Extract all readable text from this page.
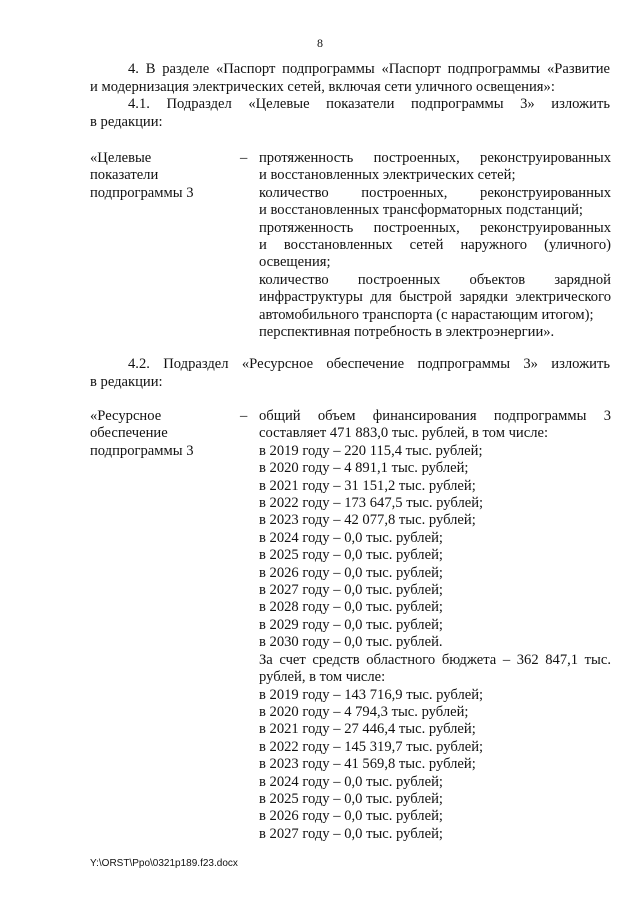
8
4. В разделе «Паспорт подпрограммы «Паспорт подпрограммы «Развитие
и модернизация электрических сетей, включая сети уличного освещения»:
4.1. Подраздел «Целевые показатели подпрограммы 3» изложить
в редакции:
«Целевые
показатели
подпрограммы 3
– протяженность построенных, реконструированных
и восстановленных электрических сетей;
количество построенных, реконструированных
и восстановленных трансформаторных подстанций;
протяженность построенных, реконструированных
и восстановленных сетей наружного (уличного)
освещения;
количество построенных объектов зарядной
инфраструктуры для быстрой зарядки электрического
автомобильного транспорта (с нарастающим итогом);
перспективная потребность в электроэнергии».
4.2. Подраздел «Ресурсное обеспечение подпрограммы 3» изложить
в редакции:
«Ресурсное
обеспечение
подпрограммы 3
– общий объем финансирования подпрограммы 3
составляет 471 883,0 тыс. рублей, в том числе:
в 2019 году – 220 115,4 тыс. рублей;
в 2020 году – 4 891,1 тыс. рублей;
в 2021 году – 31 151,2 тыс. рублей;
в 2022 году – 173 647,5 тыс. рублей;
в 2023 году – 42 077,8 тыс. рублей;
в 2024 году – 0,0 тыс. рублей;
в 2025 году – 0,0 тыс. рублей;
в 2026 году – 0,0 тыс. рублей;
в 2027 году – 0,0 тыс. рублей;
в 2028 году – 0,0 тыс. рублей;
в 2029 году – 0,0 тыс. рублей;
в 2030 году – 0,0 тыс. рублей.
За счет средств областного бюджета – 362 847,1 тыс.
рублей, в том числе:
в 2019 году – 143 716,9 тыс. рублей;
в 2020 году – 4 794,3 тыс. рублей;
в 2021 году – 27 446,4 тыс. рублей;
в 2022 году – 145 319,7 тыс. рублей;
в 2023 году – 41 569,8 тыс. рублей;
в 2024 году – 0,0 тыс. рублей;
в 2025 году – 0,0 тыс. рублей;
в 2026 году – 0,0 тыс. рублей;
в 2027 году – 0,0 тыс. рублей;
Y:\ORST\Ppo\0321p189.f23.docx
